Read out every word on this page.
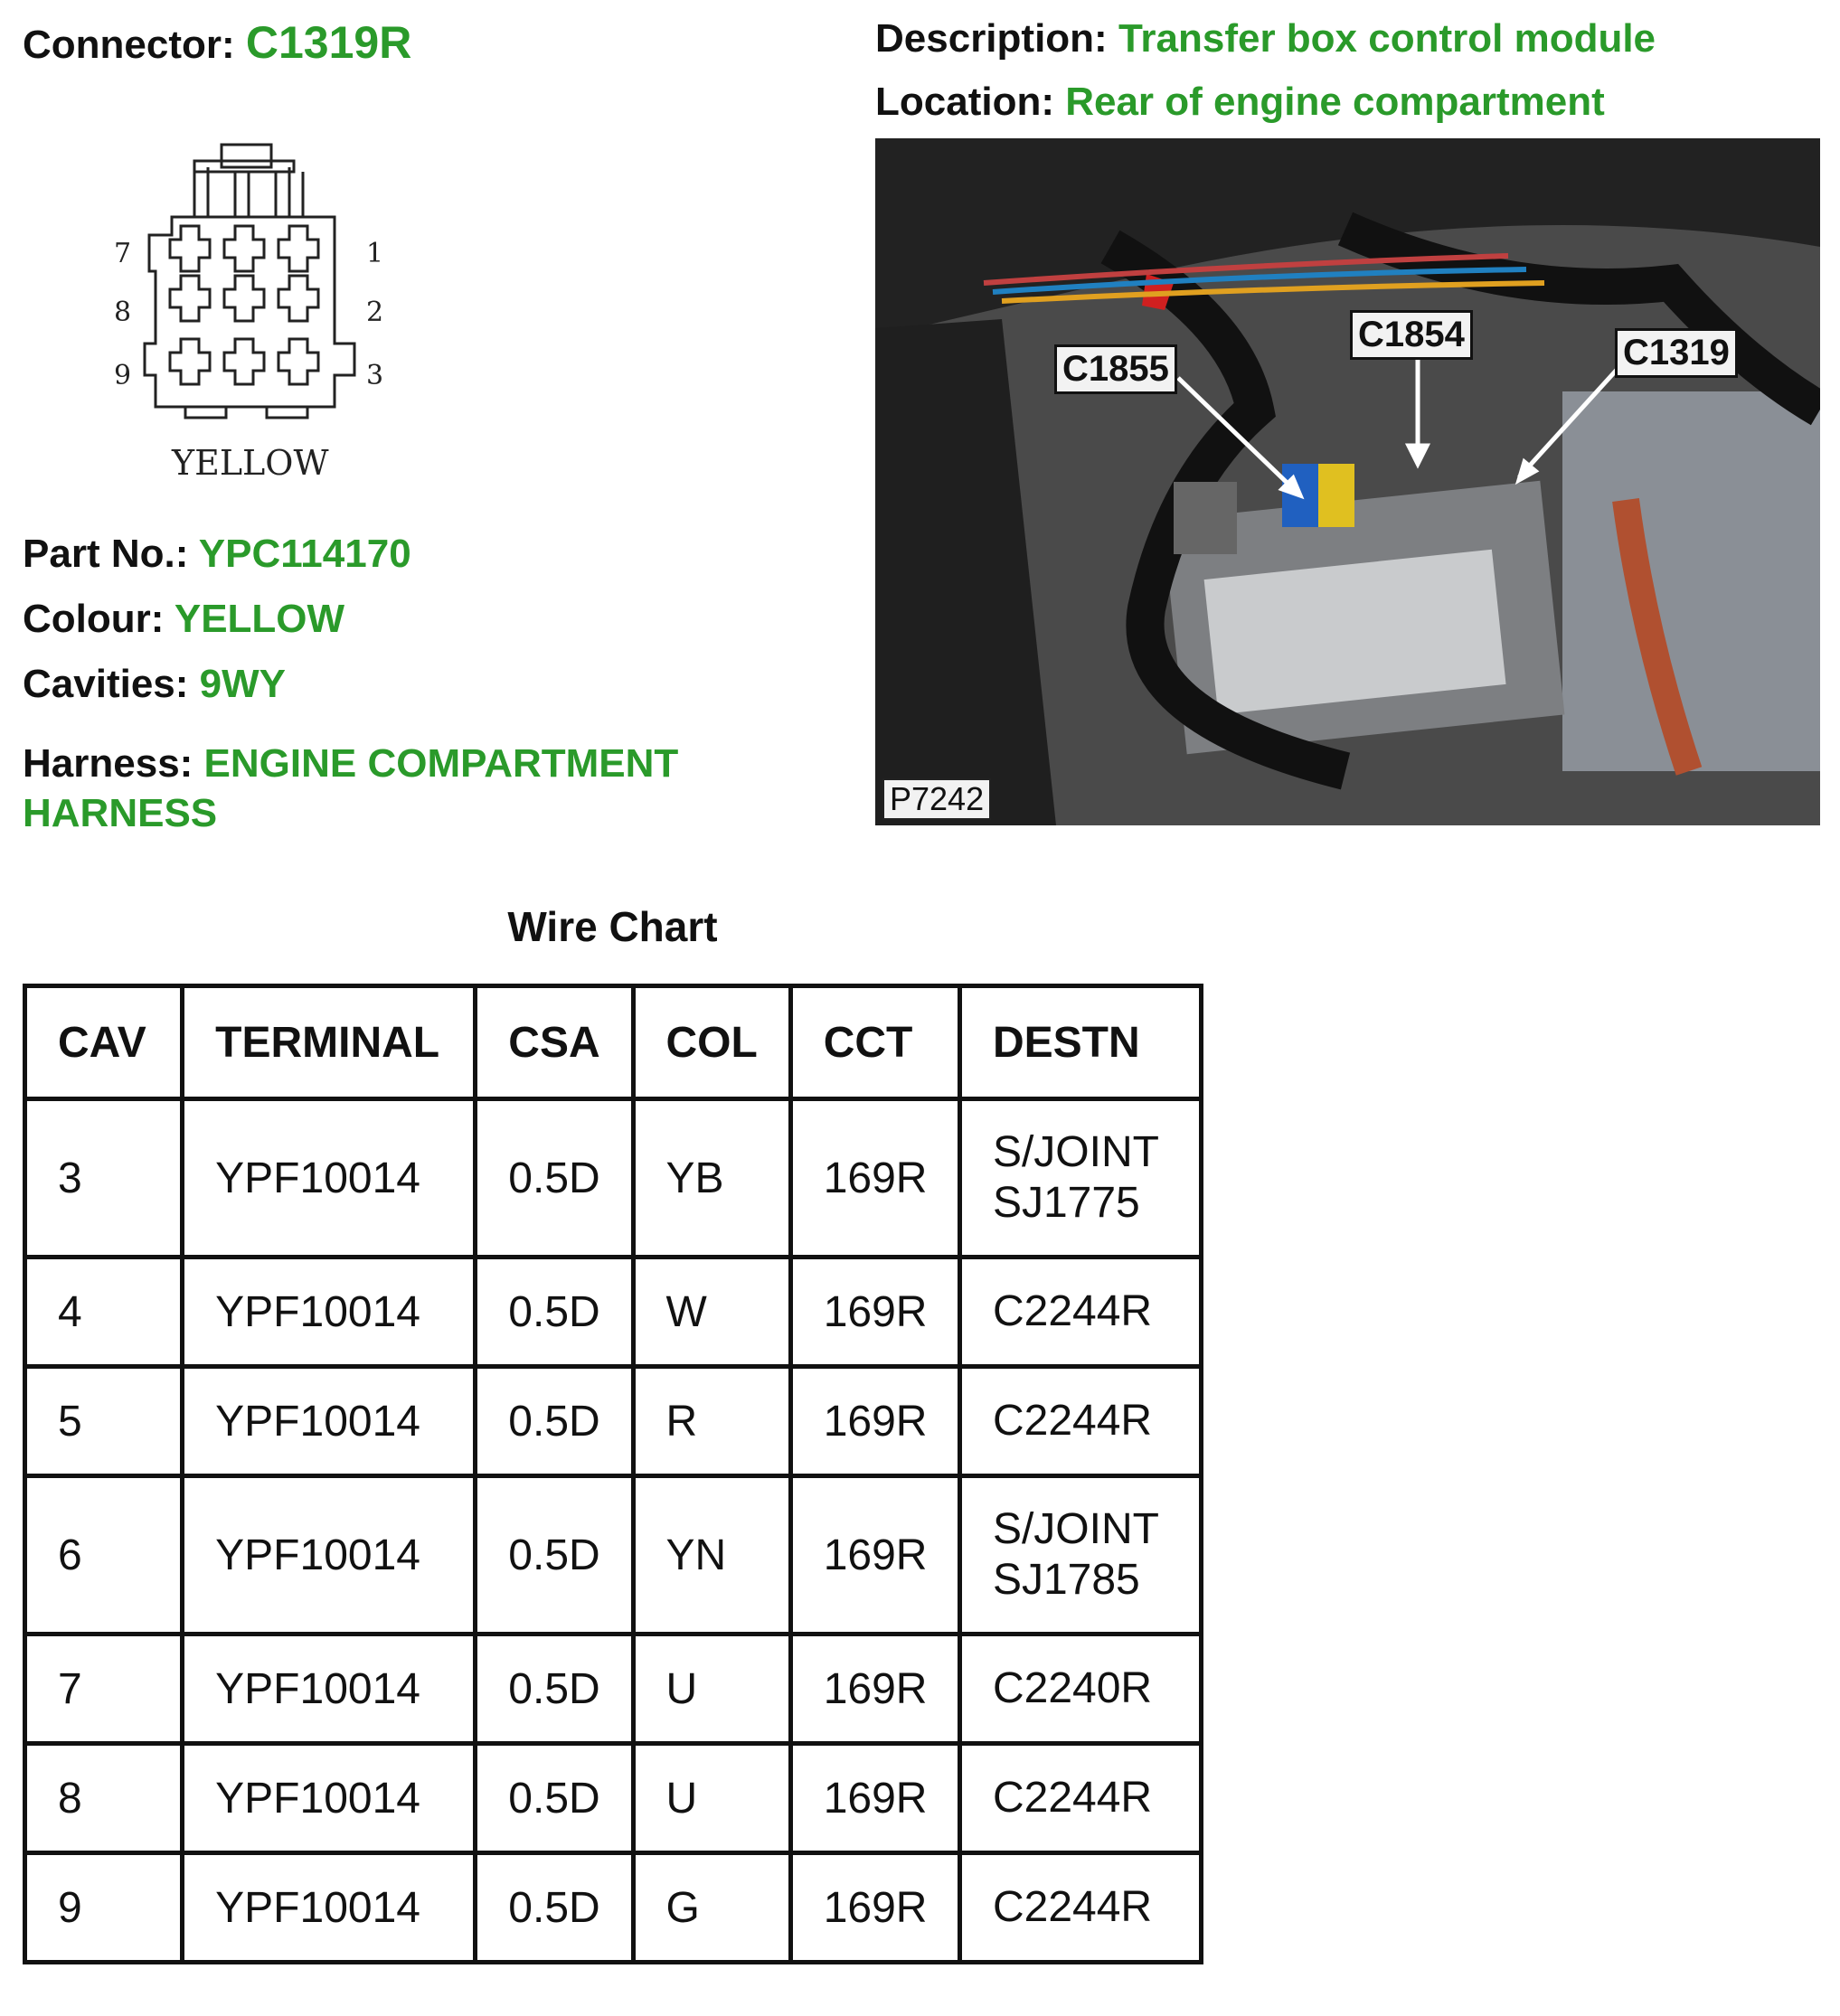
Connector: C1319R	Description: Transfer box control module
Location: Rear of engine compartment
7
8
9
1
2
3
YELLOW
Part No.: YPC114170
Colour: YELLOW
Cavities: 9WY
Harness: ENGINE COMPARTMENT
HARNESS
C1855
C1854	C1319
P7242
Wire Chart
CAV	TERMINAL	CSA	COL	CCT	DESTN
3	YPF10014	0.5D	YB	169R	S/JOINT
SJ1775

4	YPF10014	0.5D	W	169R	C2244R
5	YPF10014	0.5D	R	169R	C2244R
6	YPF10014	0.5D	YN	169R	S/JOINT
SJ1785

7	YPF10014	0.5D	U	169R	C2240R
8	YPF10014	0.5D	U	169R	C2244R
9	YPF10014	0.5D	G	169R	C2244R
